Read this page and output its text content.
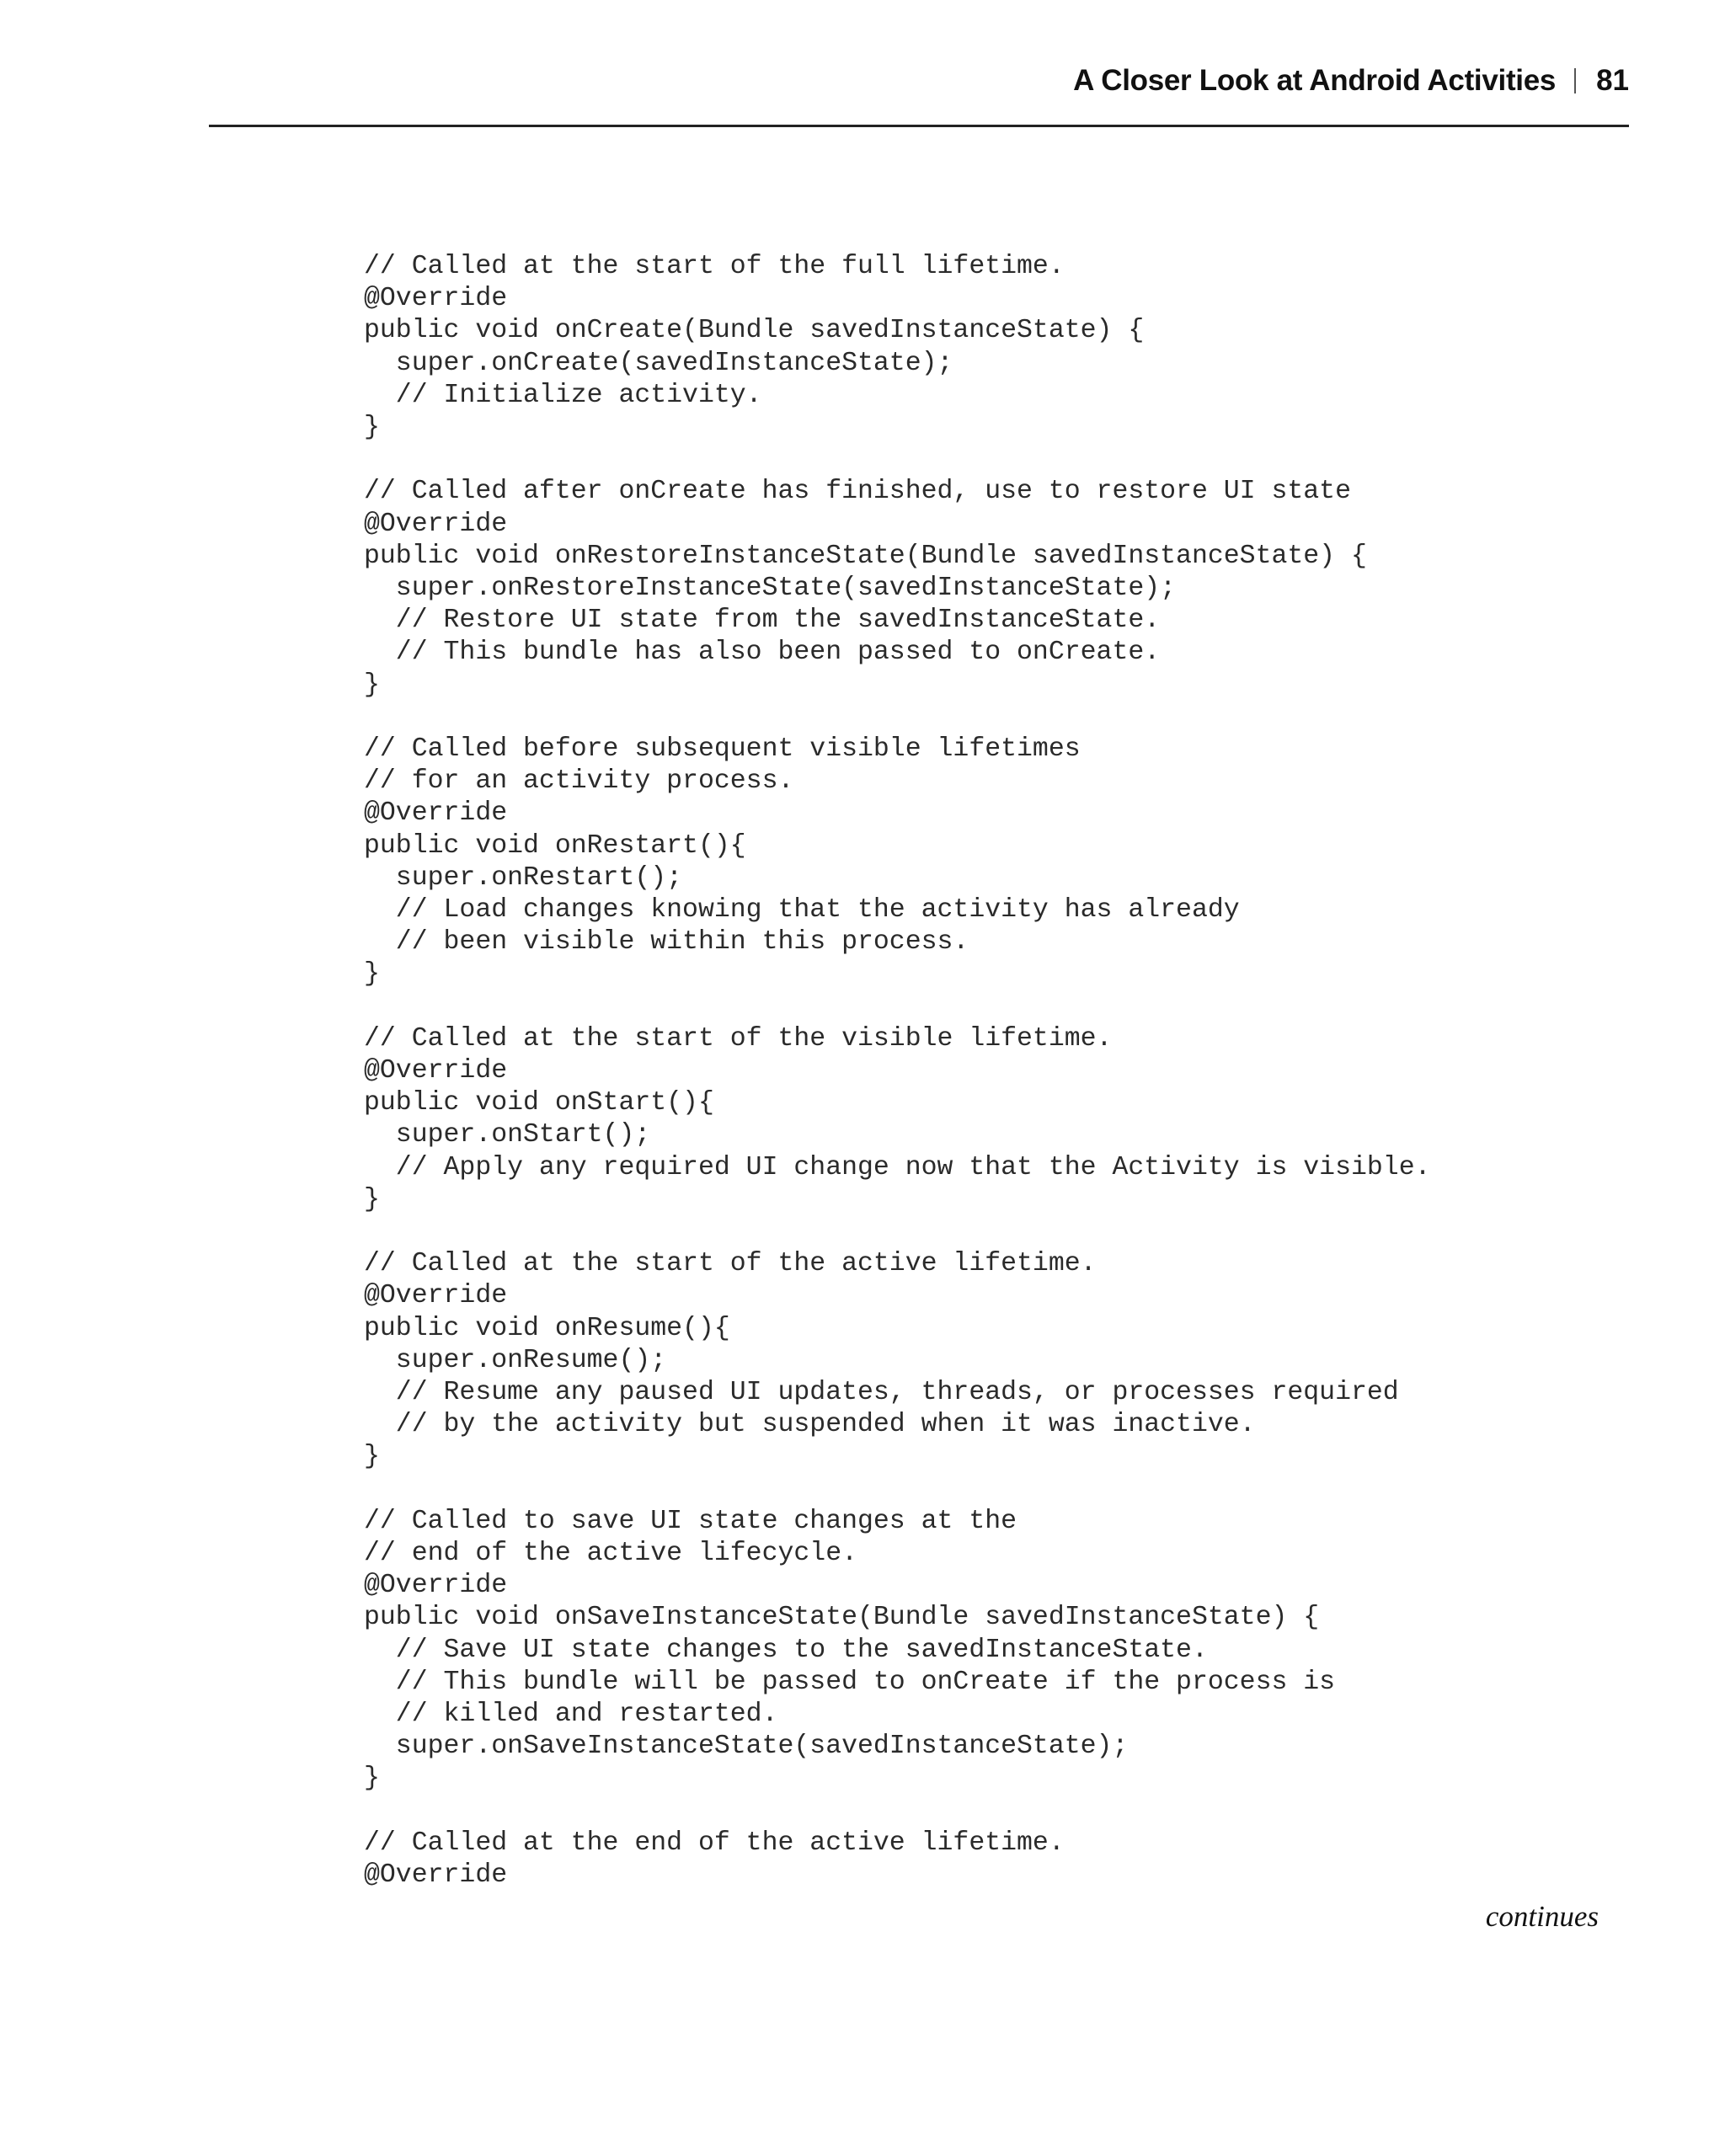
A Closer Look at Android Activities 81
// Called at the start of the full lifetime.
@Override
public void onCreate(Bundle savedInstanceState) {
super.onCreate(savedInstanceState);
// Initialize activity.
}
// Called after onCreate has finished, use to restore UI state
@Override
public void onRestoreInstanceState(Bundle savedInstanceState) {
super.onRestoreInstanceState(savedInstanceState);
// Restore UI state from the savedInstanceState.
// This bundle has also been passed to onCreate.
}
// Called before subsequent visible lifetimes
// for an activity process.
@Override
public void onRestart(){
super.onRestart();
// Load changes knowing that the activity has already
// been visible within this process.
}
// Called at the start of the visible lifetime.
@Override
public void onStart(){
super.onStart();
// Apply any required UI change now that the Activity is visible.
}
// Called at the start of the active lifetime.
@Override
public void onResume(){
super.onResume();
// Resume any paused UI updates, threads, or processes required
// by the activity but suspended when it was inactive.
}
// Called to save UI state changes at the
// end of the active lifecycle.
@Override
public void onSaveInstanceState(Bundle savedInstanceState) {
// Save UI state changes to the savedInstanceState.
// This bundle will be passed to onCreate if the process is
// killed and restarted.
super.onSaveInstanceState(savedInstanceState);
}
// Called at the end of the active lifetime.
@Override
continues
